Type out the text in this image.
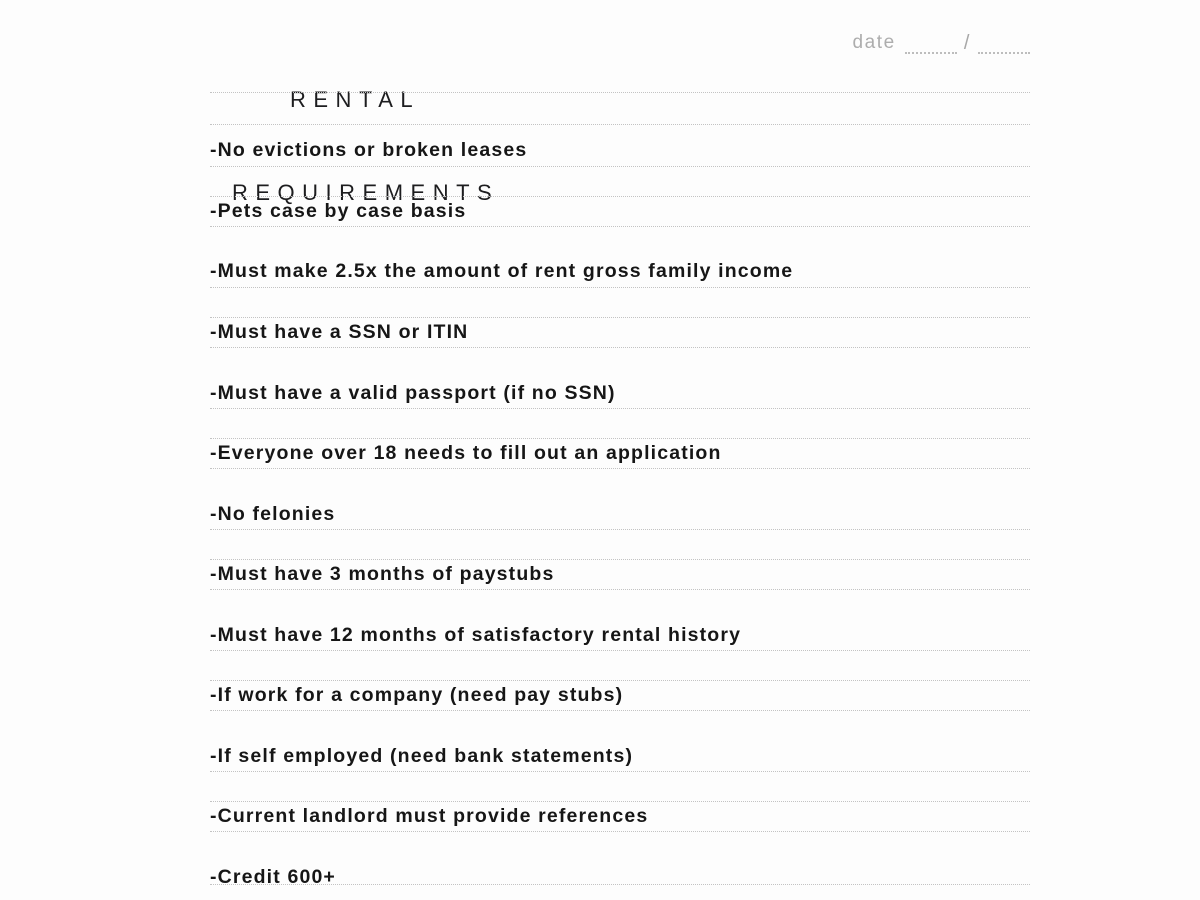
RENTAL

REQUIREMENTS

date	/
-No evictions or broken leases
-Pets case by case basis
-Must make 2.5x the amount of rent gross family income
-Must have a SSN or ITIN
-Must have a valid passport (if no SSN)
-Everyone over 18 needs to fill out an application
-No felonies
-Must have 3 months of paystubs
-Must have 12 months of satisfactory rental history
-If work for a company (need pay stubs)
-If self employed (need bank statements)
-Current landlord must provide references
-Credit 600+
